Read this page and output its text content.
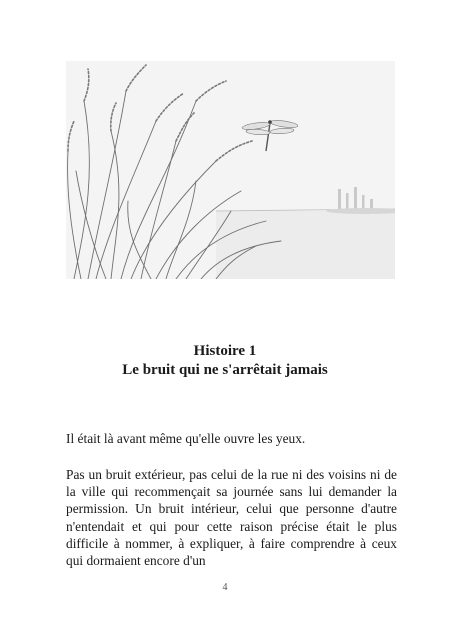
Histoire 1
Le bruit qui ne s'arrêtait jamais

Il était là avant même qu'elle ouvre les yeux.

Pas un bruit extérieur, pas celui de la rue ni des voisins ni de la ville qui recommençait sa journée sans lui demander la permission. Un bruit intérieur, celui que personne d'autre n'entendait et qui pour cette raison précise était le plus difficile à nommer, à expliquer, à faire comprendre à ceux qui dormaient encore d'un

4
